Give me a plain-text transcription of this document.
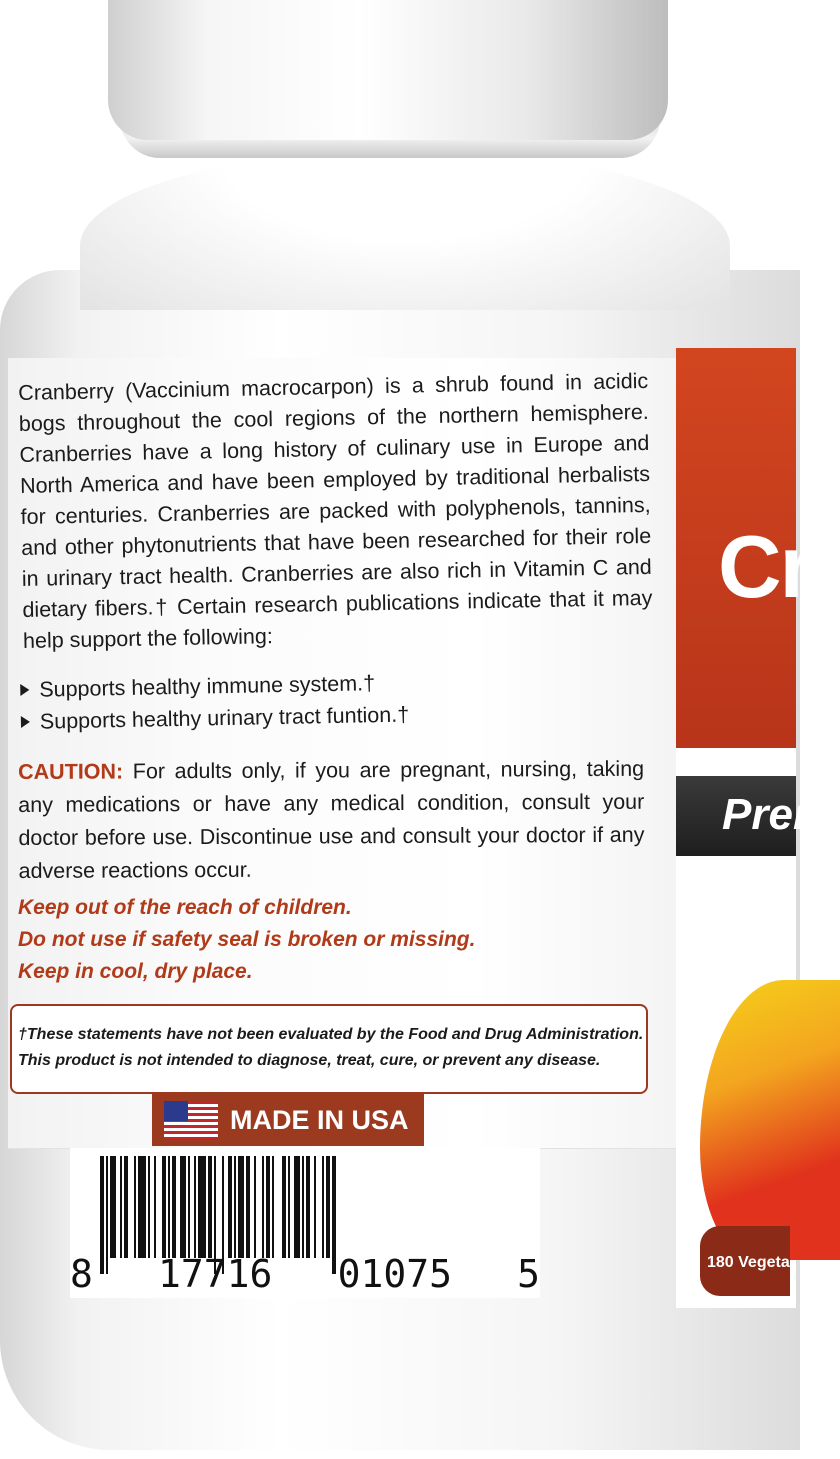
Cr
Prem
180 Vegeta
Cranberry (Vaccinium macrocarpon) is a shrub found in acidic bogs throughout the cool regions of the northern hemisphere. Cranberries have a long history of culinary use in Europe and North America and have been employed by traditional herbalists for centuries. Cranberries are packed with polyphenols, tannins, and other phytonutrients that have been researched for their role in urinary tract health. Cranberries are also rich in Vitamin C and dietary fibers.† Certain research publications indicate that it may help support the following:
Supports healthy immune system.†
Supports healthy urinary tract funtion.†
CAUTION: For adults only, if you are pregnant, nursing, taking any medications or have any medical condition, consult your doctor before use. Discontinue use and consult your doctor if any adverse reactions occur.
Keep out of the reach of children.
Do not use if safety seal is broken or missing.
Keep in cool, dry place.
†These statements have not been evaluated by the Food and Drug Administration.
This product is not intended to diagnose, treat, cure, or prevent any disease.
MADE IN USA
8 17716 01075 5
